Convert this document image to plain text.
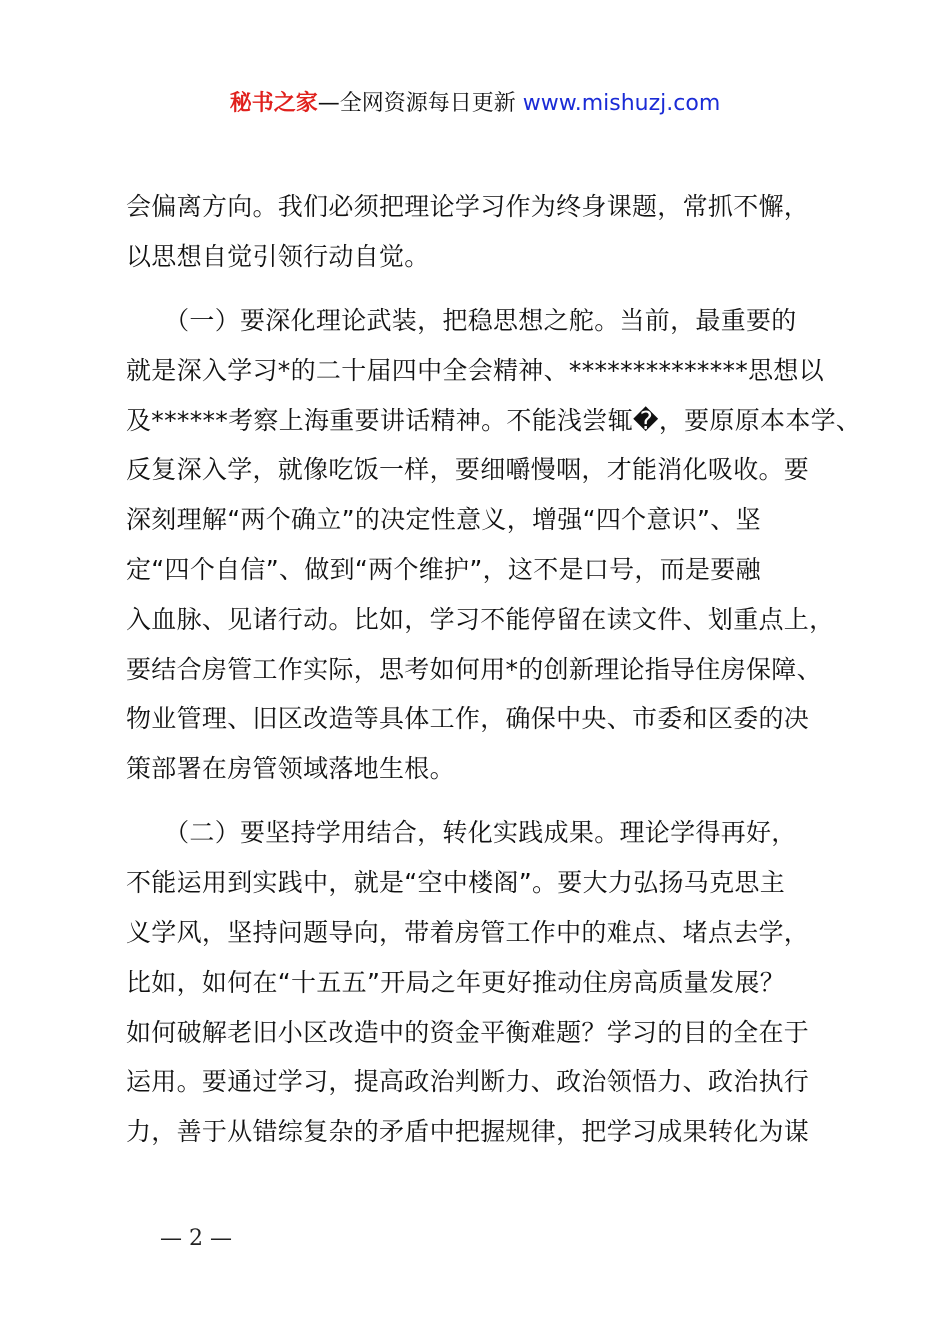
秘书之家—全网资源每日更新 www.mishuzj.com
会偏离方向。我们必须把理论学习作为终身课题，常抓不懈，
以思想自觉引领行动自觉。
　　（一）要深化理论武装，把稳思想之舵。当前，最重要的
就是深入学习*的二十届四中全会精神、**************思想以
及******考察上海重要讲话精神。不能浅尝辄�，要原原本本学、
反复深入学，就像吃饭一样，要细嚼慢咽，才能消化吸收。要
深刻理解“两个确立”的决定性意义，增强“四个意识”、坚
定“四个自信”、做到“两个维护”，这不是口号，而是要融
入血脉、见诸行动。比如，学习不能停留在读文件、划重点上，
要结合房管工作实际，思考如何用*的创新理论指导住房保障、
物业管理、旧区改造等具体工作，确保中央、市委和区委的决
策部署在房管领域落地生根。
　　（二）要坚持学用结合，转化实践成果。理论学得再好，
不能运用到实践中，就是“空中楼阁”。要大力弘扬马克思主
义学风，坚持问题导向，带着房管工作中的难点、堵点去学，
比如，如何在“十五五”开局之年更好推动住房高质量发展？
如何破解老旧小区改造中的资金平衡难题？学习的目的全在于
运用。要通过学习，提高政治判断力、政治领悟力、政治执行
力，善于从错综复杂的矛盾中把握规律，把学习成果转化为谋
— 2 —
